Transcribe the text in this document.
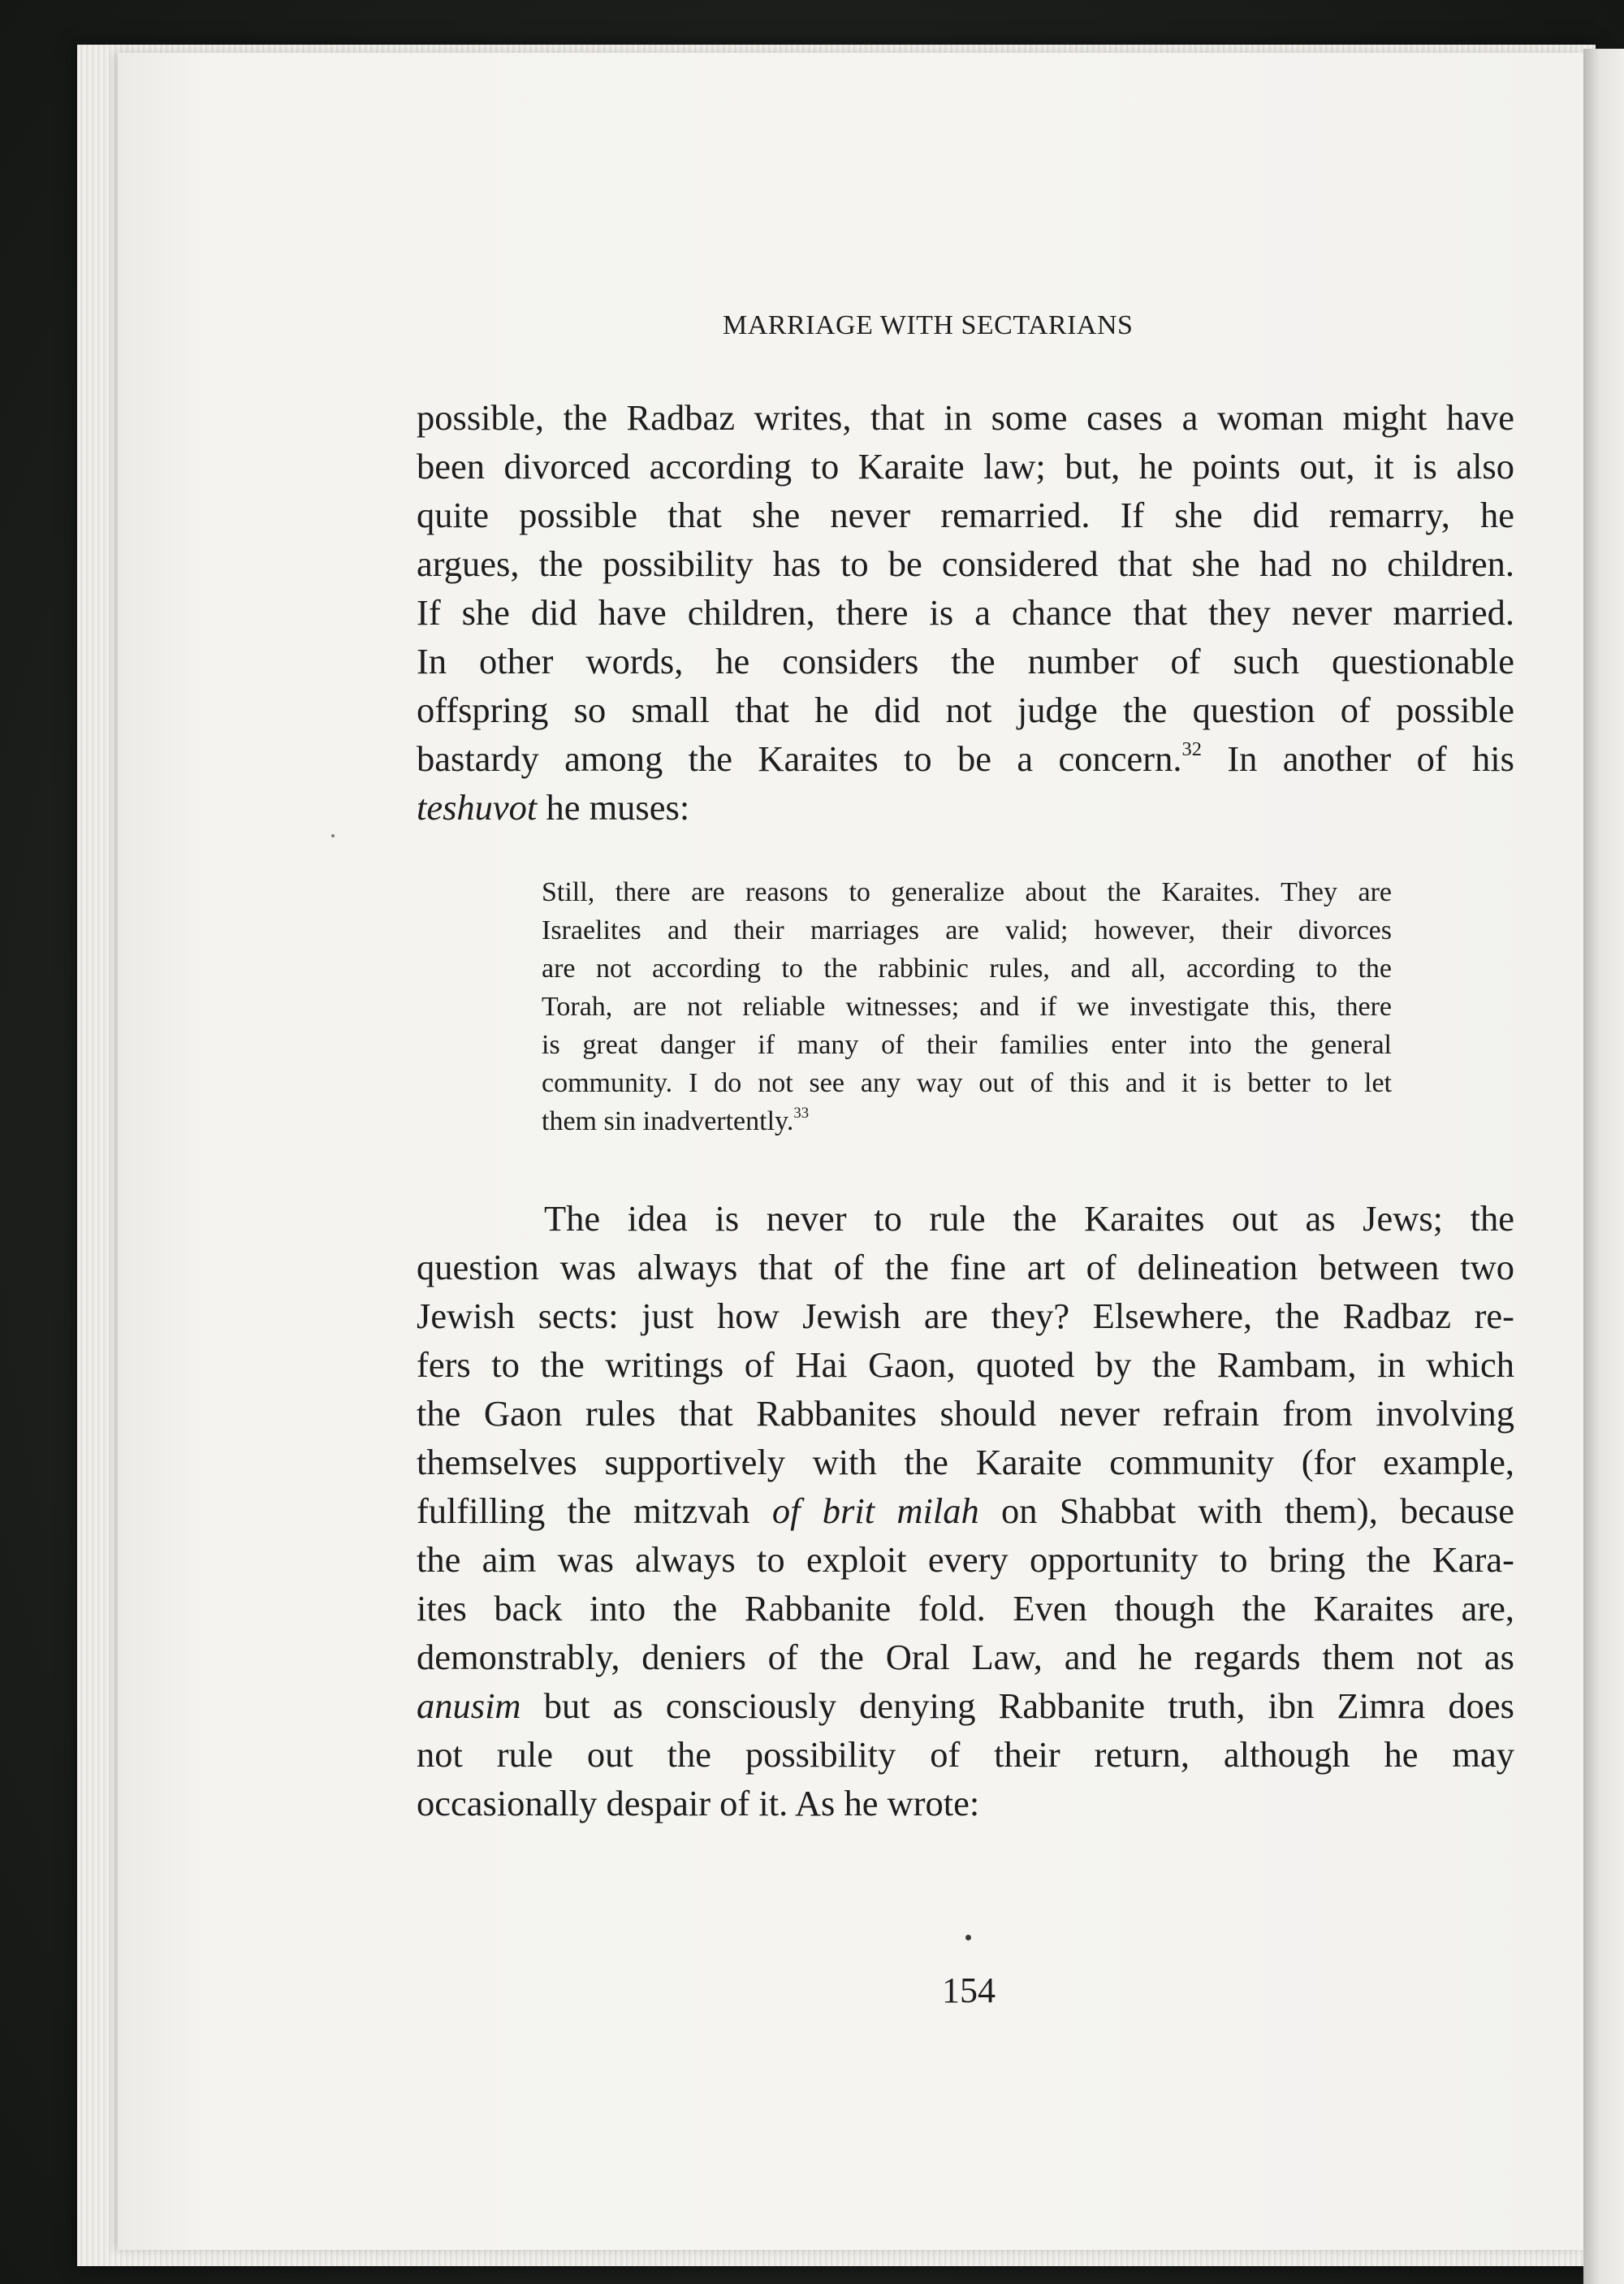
MARRIAGE WITH SECTARIANS
possible, the Radbaz writes, that in some cases a woman might have
been divorced according to Karaite law; but, he points out, it is also
quite possible that she never remarried. If she did remarry, he
argues, the possibility has to be considered that she had no children.
If she did have children, there is a chance that they never married.
In other words, he considers the number of such questionable
offspring so small that he did not judge the question of possible
bastardy among the Karaites to be a concern.$^{32}$ In another of his
teshuvot he muses:
Still, there are reasons to generalize about the Karaites. They are
Israelites and their marriages are valid; however, their divorces
are not according to the rabbinic rules, and all, according to the
Torah, are not reliable witnesses; and if we investigate this, there
is great danger if many of their families enter into the general
community. I do not see any way out of this and it is better to let
them sin inadvertently.$^{33}$
The idea is never to rule the Karaites out as Jews; the
question was always that of the fine art of delineation between two
Jewish sects: just how Jewish are they? Elsewhere, the Radbaz re-
fers to the writings of Hai Gaon, quoted by the Rambam, in which
the Gaon rules that Rabbanites should never refrain from involving
themselves supportively with the Karaite community (for example,
fulfilling the mitzvah of brit milah on Shabbat with them), because
the aim was always to exploit every opportunity to bring the Kara-
ites back into the Rabbanite fold. Even though the Karaites are,
demonstrably, deniers of the Oral Law, and he regards them not as
anusim but as consciously denying Rabbanite truth, ibn Zimra does
not rule out the possibility of their return, although he may
occasionally despair of it. As he wrote:
154
